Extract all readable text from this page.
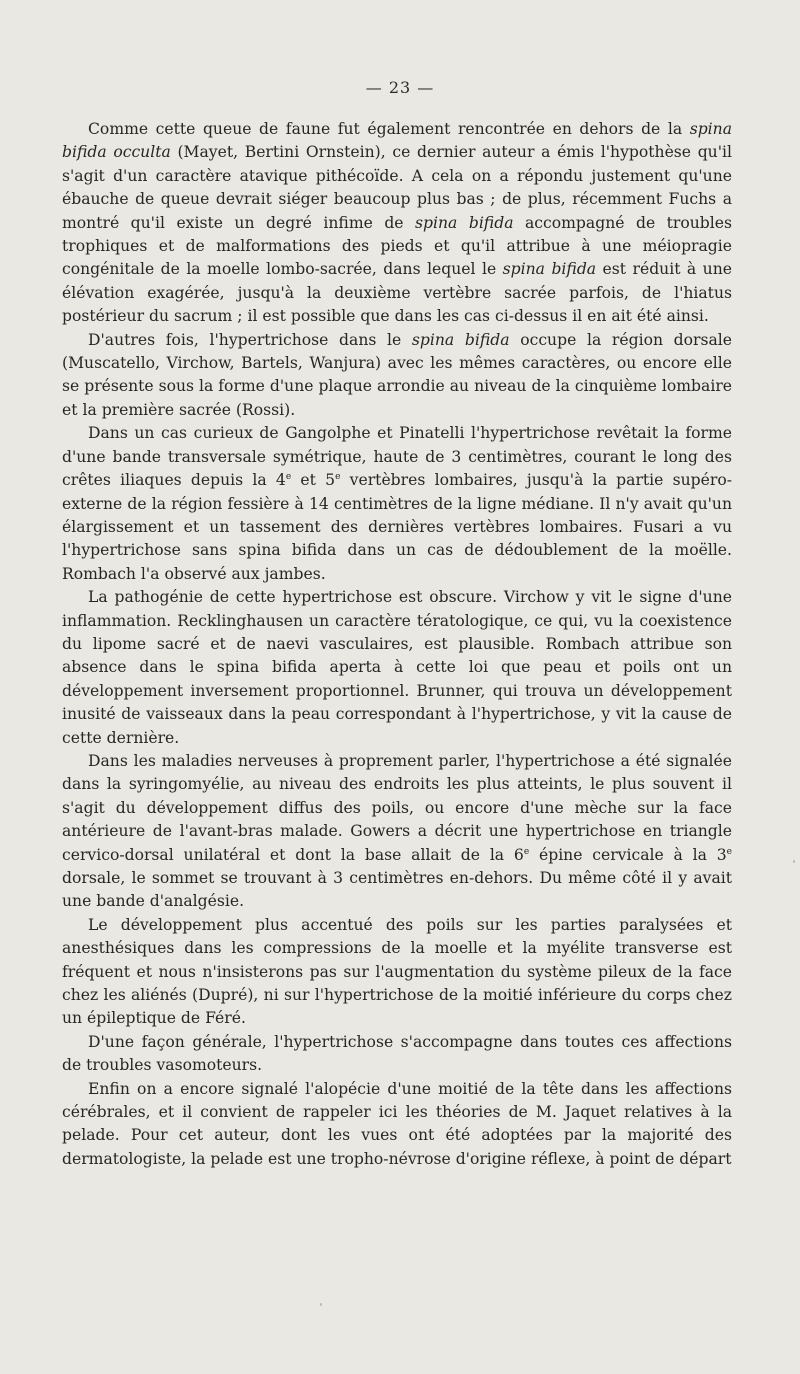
— 23 —

Comme cette queue de faune fut également rencontrée en dehors de la spina bifida occulta (Mayet, Bertini Ornstein), ce dernier auteur a émis l'hypothèse qu'il s'agit d'un caractère atavique pithécoïde. A cela on a répondu justement qu'une ébauche de queue devrait siéger beaucoup plus bas ; de plus, récemment Fuchs a montré qu'il existe un degré infime de spina bifida accompagné de troubles trophiques et de malformations des pieds et qu'il attribue à une méiopragie congénitale de la moelle lombo-sacrée, dans lequel le spina bifida est réduit à une élévation exagérée, jusqu'à la deuxième vertèbre sacrée parfois, de l'hiatus postérieur du sacrum ; il est possible que dans les cas ci-dessus il en ait été ainsi.

D'autres fois, l'hypertrichose dans le spina bifida occupe la région dorsale (Muscatello, Virchow, Bartels, Wanjura) avec les mêmes caractères, ou encore elle se présente sous la forme d'une plaque arrondie au niveau de la cinquième lombaire et la première sacrée (Rossi).

Dans un cas curieux de Gangolphe et Pinatelli l'hypertrichose revêtait la forme d'une bande transversale symétrique, haute de 3 centimètres, courant le long des crêtes iliaques depuis la 4e et 5e vertèbres lombaires, jusqu'à la partie supéro-externe de la région fessière à 14 centimètres de la ligne médiane. Il n'y avait qu'un élargissement et un tassement des dernières vertèbres lombaires. Fusari a vu l'hypertrichose sans spina bifida dans un cas de dédoublement de la moëlle. Rombach l'a observé aux jambes.

La pathogénie de cette hypertrichose est obscure. Virchow y vit le signe d'une inflammation. Recklinghausen un caractère tératologique, ce qui, vu la coexistence du lipome sacré et de naevi vasculaires, est plausible. Rombach attribue son absence dans le spina bifida aperta à cette loi que peau et poils ont un développement inversement proportionnel. Brunner, qui trouva un développement inusité de vaisseaux dans la peau correspondant à l'hypertrichose, y vit la cause de cette dernière.

Dans les maladies nerveuses à proprement parler, l'hypertrichose a été signalée dans la syringomyélie, au niveau des endroits les plus atteints, le plus souvent il s'agit du développement diffus des poils, ou encore d'une mèche sur la face antérieure de l'avant-bras malade. Gowers a décrit une hypertrichose en triangle cervico-dorsal unilatéral et dont la base allait de la 6e épine cervicale à la 3e dorsale, le sommet se trouvant à 3 centimètres en-dehors. Du même côté il y avait une bande d'analgésie.

Le développement plus accentué des poils sur les parties paralysées et anesthésiques dans les compressions de la moelle et la myélite transverse est fréquent et nous n'insisterons pas sur l'augmentation du système pileux de la face chez les aliénés (Dupré), ni sur l'hypertrichose de la moitié inférieure du corps chez un épileptique de Féré.

D'une façon générale, l'hypertrichose s'accompagne dans toutes ces affections de troubles vasomoteurs.

Enfin on a encore signalé l'alopécie d'une moitié de la tête dans les affections cérébrales, et il convient de rappeler ici les théories de M. Jaquet relatives à la pelade. Pour cet auteur, dont les vues ont été adoptées par la majorité des dermatologiste, la pelade est une tropho-névrose d'origine réflexe, à point de départ
